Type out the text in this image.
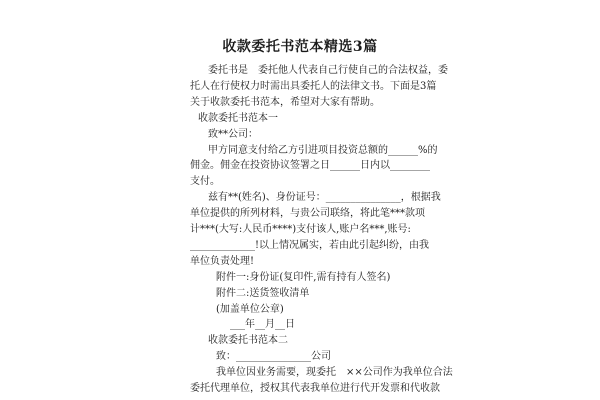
收款委托书范本精选3篇
委托书是　委托他人代表自己行使自己的合法权益，委
托人在行使权力时需出具委托人的法律文书。下面是3篇
关于收款委托书范本，希望对大家有帮助。
收款委托书范本一
致**公司：
甲方同意支付给乙方引进项目投资总额的______%的
佣金。佣金在投资协议签署之日______日内以________
支付。
兹有**(姓名)、身份证号：_______________，根据我
单位提供的所列材料，与贵公司联络，将此笔***款项
计***(大写:人民币****)支付该人,账户名***,账号:
_____________!以上情况属实，若由此引起纠纷，由我
单位负责处理!
附件一:身份证(复印件,需有持有人签名)
附件二:送货签收清单
(加盖单位公章)
___年__月__日
收款委托书范本二
致：_______________公司
我单位因业务需要，现委托　××公司作为我单位合法
委托代理单位，授权其代表我单位进行代开发票和代收款
